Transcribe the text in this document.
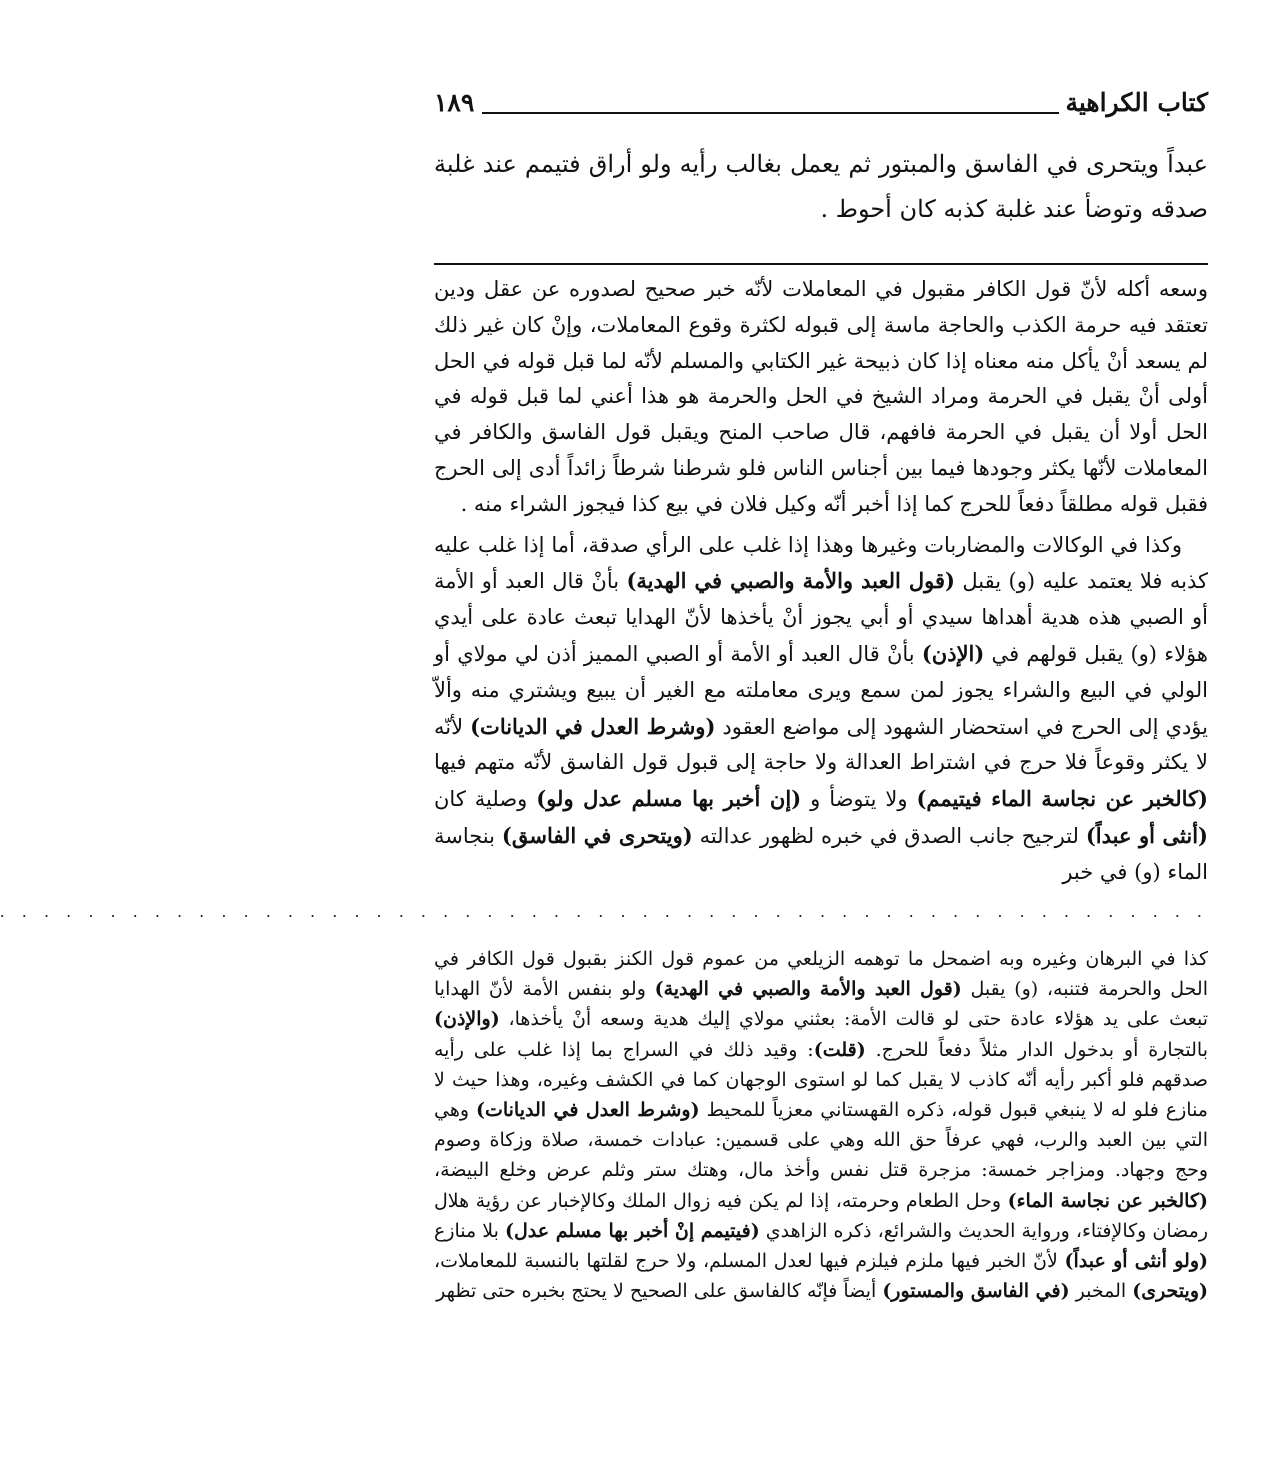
كتاب الكراهية
١٨٩

عبداً ويتحرى في الفاسق والمبتور ثم يعمل بغالب رأيه ولو أراق فتيمم عند غلبة صدقه وتوضأ عند غلبة كذبه كان أحوط .

وسعه أكله لأنّ قول الكافر مقبول في المعاملات لأنّه خبر صحيح لصدوره عن عقل ودين تعتقد فيه حرمة الكذب والحاجة ماسة إلى قبوله لكثرة وقوع المعاملات، وإنْ كان غير ذلك لم يسعد أنْ يأكل منه معناه إذا كان ذبيحة غير الكتابي والمسلم لأنّه لما قبل قوله في الحل أولى أنْ يقبل في الحرمة ومراد الشيخ في الحل والحرمة هو هذا أعني لما قبل قوله في الحل أولا أن يقبل في الحرمة فافهم، قال صاحب المنح ويقبل قول الفاسق والكافر في المعاملات لأنّها يكثر وجودها فيما بين أجناس الناس فلو شرطنا شرطاً زائداً أدى إلى الحرج فقبل قوله مطلقاً دفعاً للحرج كما إذا أخبر أنّه وكيل فلان في بيع كذا فيجوز الشراء منه .

وكذا في الوكالات والمضاربات وغيرها وهذا إذا غلب على الرأي صدقة، أما إذا غلب عليه كذبه فلا يعتمد عليه (و) يقبل (قول العبد والأمة والصبي في الهدية) بأنْ قال العبد أو الأمة أو الصبي هذه هدية أهداها سيدي أو أبي يجوز أنْ يأخذها لأنّ الهدايا تبعث عادة على أيدي هؤلاء (و) يقبل قولهم في (الإذن) بأنْ قال العبد أو الأمة أو الصبي المميز أذن لي مولاي أو الولي في البيع والشراء يجوز لمن سمع ويرى معاملته مع الغير أن يبيع ويشتري منه وألاّ يؤدي إلى الحرج في استحضار الشهود إلى مواضع العقود (وشرط العدل في الديانات) لأنّه لا يكثر وقوعاً فلا حرج في اشتراط العدالة ولا حاجة إلى قبول قول الفاسق لأنّه متهم فيها (كالخبر عن نجاسة الماء فيتيمم) ولا يتوضأ و (إن أخبر بها مسلم عدل ولو) وصلية كان (أنثى أو عبداً) لترجيح جانب الصدق في خبره لظهور عدالته (ويتحرى في الفاسق) بنجاسة الماء (و) في خبر

. . . . . . . . . . . . . . . . . . . . . . . . . . . . . . . . . . . . . . . . . . . . . . . . . . . . . . .

كذا في البرهان وغيره وبه اضمحل ما توهمه الزيلعي من عموم قول الكنز بقبول قول الكافر في الحل والحرمة فتنبه، (و) يقبل (قول العبد والأمة والصبي في الهدية) ولو بنفس الأمة لأنّ الهدايا تبعث على يد هؤلاء عادة حتى لو قالت الأمة: بعثني مولاي إليك هدية وسعه أنْ يأخذها، (والإذن) بالتجارة أو بدخول الدار مثلاً دفعاً للحرج. (قلت): وقيد ذلك في السراج بما إذا غلب على رأيه صدقهم فلو أكبر رأيه أنّه كاذب لا يقبل كما لو استوى الوجهان كما في الكشف وغيره، وهذا حيث لا منازع فلو له لا ينبغي قبول قوله، ذكره القهستاني معزياً للمحيط (وشرط العدل في الديانات) وهي التي بين العبد والرب، فهي عرفاً حق الله وهي على قسمين: عبادات خمسة، صلاة وزكاة وصوم وحج وجهاد. ومزاجر خمسة: مزجرة قتل نفس وأخذ مال، وهتك ستر وثلم عرض وخلع البيضة، (كالخبر عن نجاسة الماء) وحل الطعام وحرمته، إذا لم يكن فيه زوال الملك وكالإخبار عن رؤية هلال رمضان وكالإفتاء، ورواية الحديث والشرائع، ذكره الزاهدي (فيتيمم إنْ أخبر بها مسلم عدل) بلا منازع (ولو أنثى أو عبداً) لأنّ الخبر فيها ملزم فيلزم فيها لعدل المسلم، ولا حرج لقلتها بالنسبة للمعاملات، (ويتحرى) المخبر (في الفاسق والمستور) أيضاً فإنّه كالفاسق على الصحيح لا يحتج بخبره حتى تظهر
